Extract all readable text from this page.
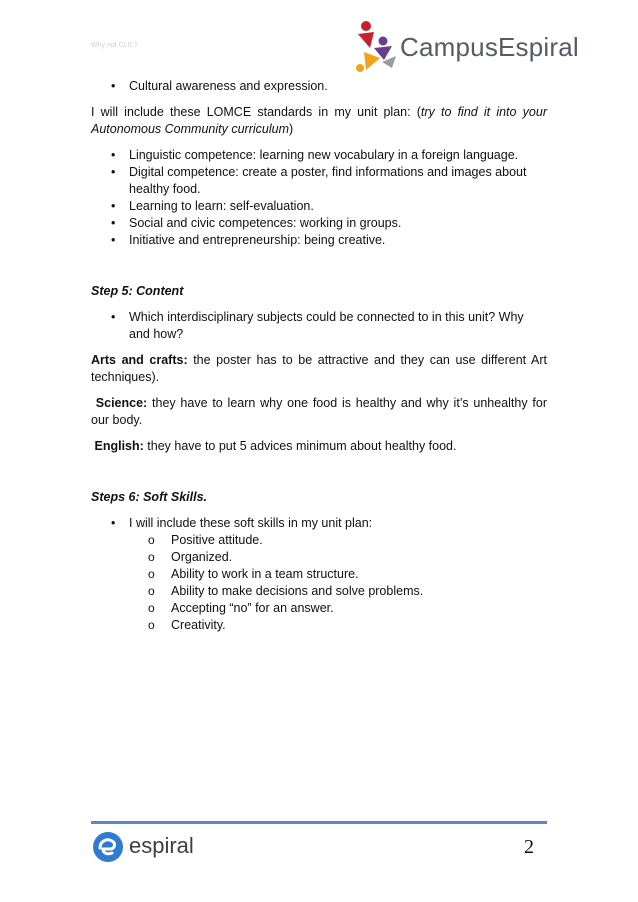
Why not CLIL?	CampusEspiral
• Cultural awareness and expression.

I will include these LOMCE standards in my unit plan: (try to find it into your Autonomous Community curriculum)

• Linguistic competence: learning new vocabulary in a foreign language.
• Digital competence: create a poster, find informations and images about healthy food.
• Learning to learn: self-evaluation.
• Social and civic competences: working in groups.
• Initiative and entrepreneurship: being creative.

Step 5: Content

• Which interdisciplinary subjects could be connected to in this unit? Why and how?

Arts and crafts: the poster has to be attractive and they can use different Art techniques).

Science: they have to learn why one food is healthy and why it’s unhealthy for our body.

English: they have to put 5 advices minimum about healthy food.

Steps 6: Soft Skills.

• I will include these soft skills in my unit plan:
o Positive attitude.
o Organized.
o Ability to work in a team structure.
o Ability to make decisions and solve problems.
o Accepting “no” for an answer.
o Creativity.
espiral	2
